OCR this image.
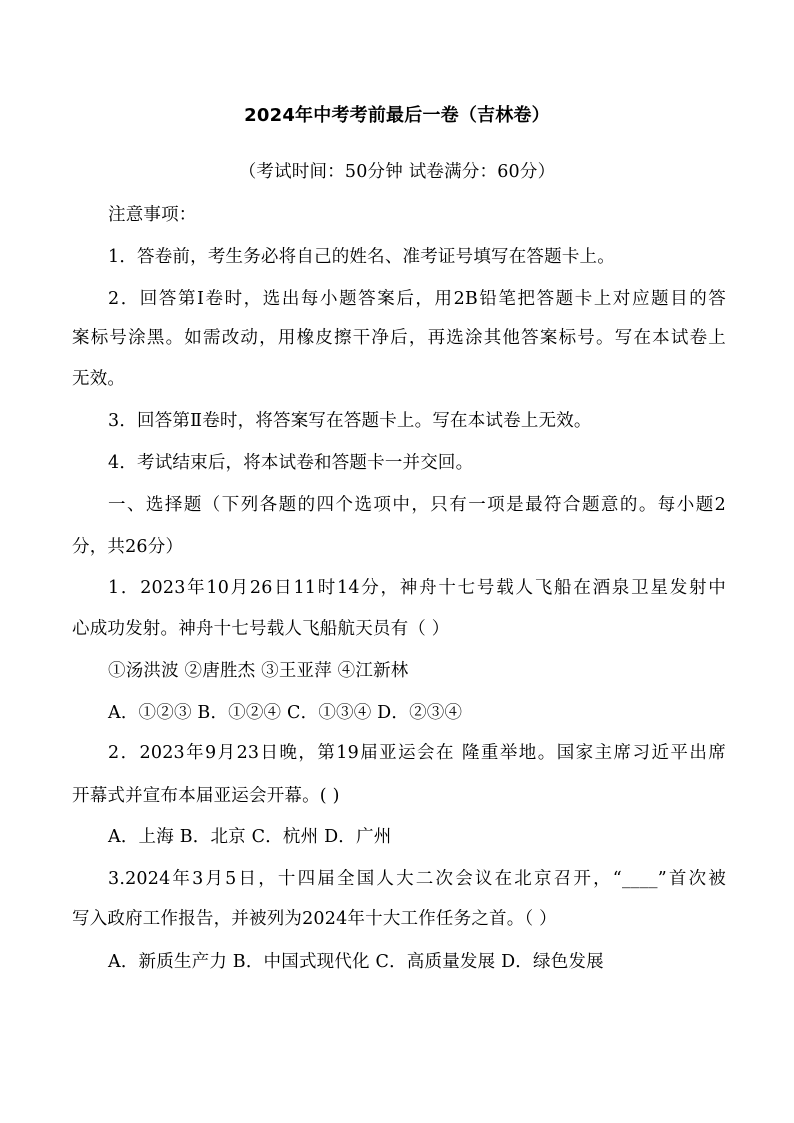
2024年中考考前最后一卷（吉林卷）
（考试时间：50分钟 试卷满分：60分）
注意事项：
1．答卷前，考生务必将自己的姓名、准考证号填写在答题卡上。
2．回答第Ⅰ卷时，选出每小题答案后，用2B铅笔把答题卡上对应题目的答
案标号涂黑。如需改动，用橡皮擦干净后，再选涂其他答案标号。写在本试卷上
无效。
3．回答第Ⅱ卷时，将答案写在答题卡上。写在本试卷上无效。
4．考试结束后，将本试卷和答题卡一并交回。
一、选择题（下列各题的四个选项中，只有一项是最符合题意的。每小题2
分，共26分）
1．2023年10月26日11时14分，神舟十七号载人飞船在酒泉卫星发射中
心成功发射。神舟十七号载人飞船航天员有（ ）
①汤洪波 ②唐胜杰 ③王亚萍 ④江新林
A．①②③ B．①②④ C．①③④ D．②③④
2．2023年9月23日晚，第19届亚运会在 隆重举地。国家主席习近平出席
开幕式并宣布本届亚运会开幕。( )
A．上海 B．北京 C．杭州 D．广州
3.2024年3月5日，十四届全国人大二次会议在北京召开，“____”首次被
写入政府工作报告，并被列为2024年十大工作任务之首。（ ）
A．新质生产力 B．中国式现代化 C．高质量发展 D．绿色发展
